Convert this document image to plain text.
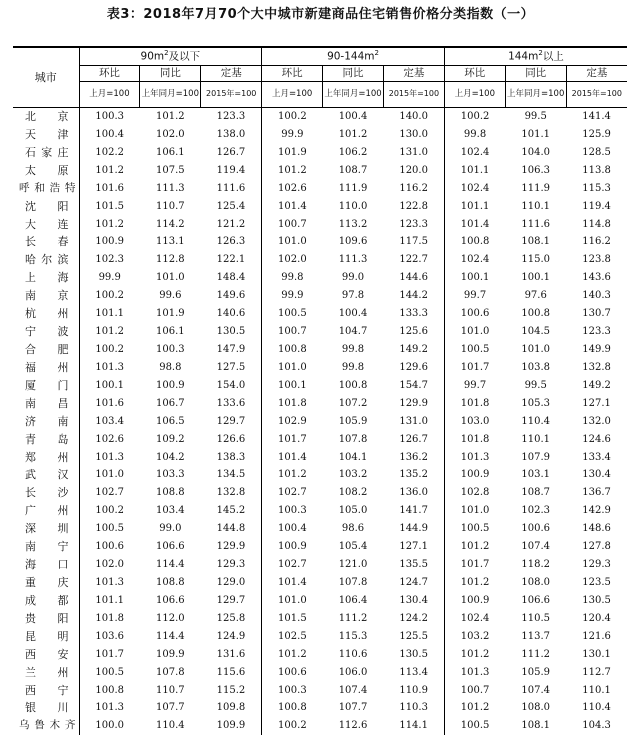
表3：2018年7月70个大中城市新建商品住宅销售价格分类指数（一）
城市	$90m^2$及以下			$90-144m^2$			$144m^2$以上		
	环比	同比	定基	环比	同比	定基	环比	同比	定基
	上月=100	上年同月=100	2015年=100	上月=100	上年同月=100	2015年=100	上月=100	上年同月=100	2015年=100
北京	100.3	101.2	123.3	100.2	100.4	140.0	100.2	99.5	141.4
天津	100.4	102.0	138.0	99.9	101.2	130.0	99.8	101.1	125.9
石家庄	102.2	106.1	126.7	101.9	106.2	131.0	102.4	104.0	128.5
太原	101.2	107.5	119.4	101.2	108.7	120.0	101.1	106.3	113.8
呼和浩特	101.6	111.3	111.6	102.6	111.9	116.2	102.4	111.9	115.3
沈阳	101.5	110.7	125.4	101.4	110.0	122.8	101.1	110.1	119.4
大连	101.2	114.2	121.2	100.7	113.2	123.3	101.4	111.6	114.8
长春	100.9	113.1	126.3	101.0	109.6	117.5	100.8	108.1	116.2
哈尔滨	102.3	112.8	122.1	102.0	111.3	122.7	102.4	115.0	123.8
上海	99.9	101.0	148.4	99.8	99.0	144.6	100.1	100.1	143.6
南京	100.2	99.6	149.6	99.9	97.8	144.2	99.7	97.6	140.3
杭州	101.1	101.9	140.6	100.5	100.4	133.3	100.6	100.8	130.7
宁波	101.2	106.1	130.5	100.7	104.7	125.6	101.0	104.5	123.3
合肥	100.2	100.3	147.9	100.8	99.8	149.2	100.5	101.0	149.9
福州	101.3	98.8	127.5	101.0	99.8	129.6	101.7	103.8	132.8
厦门	100.1	100.9	154.0	100.1	100.8	154.7	99.7	99.5	149.2
南昌	101.6	106.7	133.6	101.8	107.2	129.9	101.8	105.3	127.1
济南	103.4	106.5	129.7	102.9	105.9	131.0	103.0	110.4	132.0
青岛	102.6	109.2	126.6	101.7	107.8	126.7	101.8	110.1	124.6
郑州	101.3	104.2	138.3	101.4	104.1	136.2	101.3	107.9	133.4
武汉	101.0	103.3	134.5	101.2	103.2	135.2	100.9	103.1	130.4
长沙	102.7	108.8	132.8	102.7	108.2	136.0	102.8	108.7	136.7
广州	100.2	103.4	145.2	100.3	105.0	141.7	101.0	102.3	142.9
深圳	100.5	99.0	144.8	100.4	98.6	144.9	100.5	100.6	148.6
南宁	100.6	106.6	129.9	100.9	105.4	127.1	101.2	107.4	127.8
海口	102.0	114.4	129.3	102.7	121.0	135.5	101.7	118.2	129.3
重庆	101.3	108.8	129.0	101.4	107.8	124.7	101.2	108.0	123.5
成都	101.1	106.6	129.7	101.0	106.4	130.4	100.9	106.6	130.5
贵阳	101.8	112.0	125.8	101.5	111.2	124.2	102.4	110.5	120.4
昆明	103.6	114.4	124.9	102.5	115.3	125.5	103.2	113.7	121.6
西安	101.7	109.9	131.6	101.2	110.6	130.5	101.2	111.2	130.1
兰州	100.5	107.8	115.6	100.6	106.0	113.4	101.3	105.9	112.7
西宁	100.8	110.7	115.2	100.3	107.4	110.9	100.7	107.4	110.1
银川	101.3	107.7	109.8	100.8	107.7	110.3	101.2	108.0	110.4
乌鲁木齐	100.0	110.4	109.9	100.2	112.6	114.1	100.5	108.1	104.3
